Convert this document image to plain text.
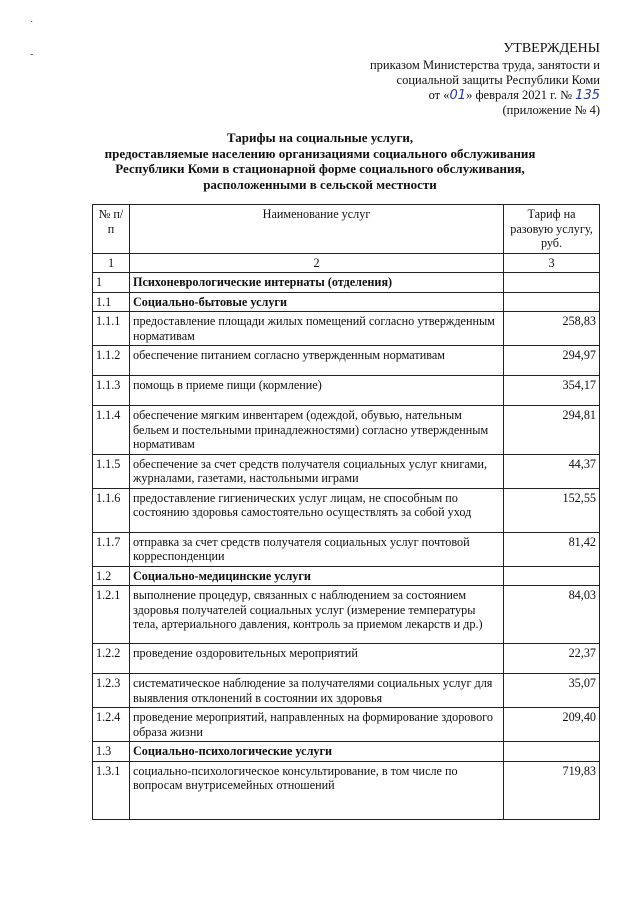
·
-	УТВЕРЖДЕНЫ
приказом Министерства труда, занятости и
социальной защиты Республики Коми
от «01» февраля 2021 г. № 135
(приложение № 4)
Тарифы на социальные услуги,
предоставляемые населению организациями социального обслуживания
Республики Коми в стационарной форме социального обслуживания,
расположенными в сельской местности
№ п/п	Наименование услуг	Тариф на разовую услугу, руб.
1	2	3
1	Психоневрологические интернаты (отделения)	
1.1	Социально-бытовые услуги	
1.1.1	предоставление площади жилых помещений согласно утвержденным нормативам	258,83
1.1.2	обеспечение питанием согласно утвержденным нормативам	294,97
1.1.3	помощь в приеме пищи (кормление)	354,17
1.1.4	обеспечение мягким инвентарем (одеждой, обувью, нательным бельем и постельными принадлежностями) согласно утвержденным нормативам	294,81
1.1.5	обеспечение за счет средств получателя социальных услуг книгами, журналами, газетами, настольными играми	44,37
1.1.6	предоставление гигиенических услуг лицам, не способным по состоянию здоровья самостоятельно осуществлять за собой уход	152,55
1.1.7	отправка за счет средств получателя социальных услуг почтовой корреспонденции	81,42
1.2	Социально-медицинские услуги	
1.2.1	выполнение процедур, связанных с наблюдением за состоянием здоровья получателей социальных услуг (измерение температуры тела, артериального давления, контроль за приемом лекарств и др.)	84,03
1.2.2	проведение оздоровительных мероприятий	22,37
1.2.3	систематическое наблюдение за получателями социальных услуг для выявления отклонений в состоянии их здоровья	35,07
1.2.4	проведение мероприятий, направленных на формирование здорового образа жизни	209,40
1.3	Социально-психологические услуги	
1.3.1	социально-психологическое консультирование, в том числе по вопросам внутрисемейных отношений	719,83
